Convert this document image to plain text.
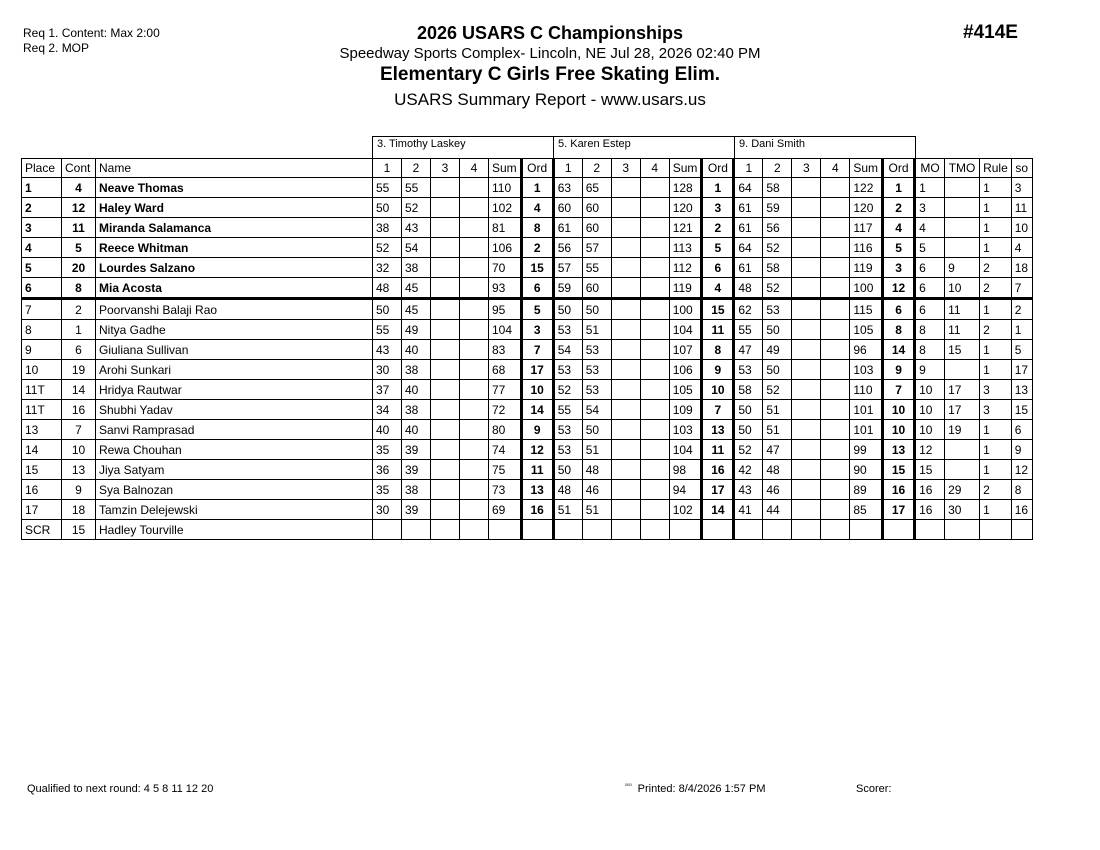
Req 1. Content: Max 2:00
Req 2. MOP
#414E
2026 USARS C Championships
Speedway Sports Complex- Lincoln, NE Jul 28, 2026 02:40 PM
Elementary C Girls Free Skating Elim.
USARS Summary Report - www.usars.us
3. Timothy Laskey	5. Karen Estep	9. Dani Smith
Place	Cont	Name	1	2	3	4	Sum	Ord	1	2	3	4	Sum	Ord	1	2	3	4	Sum	Ord	MO	TMO	Rule	so
1	4	Neave Thomas	55	55			110	1	63	65			128	1	64	58			122	1	1		1	3
2	12	Haley Ward	50	52			102	4	60	60			120	3	61	59			120	2	3		1	11
3	11	Miranda Salamanca	38	43			81	8	61	60			121	2	61	56			117	4	4		1	10
4	5	Reece Whitman	52	54			106	2	56	57			113	5	64	52			116	5	5		1	4
5	20	Lourdes Salzano	32	38			70	15	57	55			112	6	61	58			119	3	6	9	2	18
6	8	Mia Acosta	48	45			93	6	59	60			119	4	48	52			100	12	6	10	2	7
7	2	Poorvanshi Balaji Rao	50	45			95	5	50	50			100	15	62	53			115	6	6	11	1	2
8	1	Nitya Gadhe	55	49			104	3	53	51			104	11	55	50			105	8	8	11	2	1
9	6	Giuliana Sullivan	43	40			83	7	54	53			107	8	47	49			96	14	8	15	1	5
10	19	Arohi Sunkari	30	38			68	17	53	53			106	9	53	50			103	9	9		1	17
11T	14	Hridya Rautwar	37	40			77	10	52	53			105	10	58	52			110	7	10	17	3	13
11T	16	Shubhi Yadav	34	38			72	14	55	54			109	7	50	51			101	10	10	17	3	15
13	7	Sanvi Ramprasad	40	40			80	9	53	50			103	13	50	51			101	10	10	19	1	6
14	10	Rewa Chouhan	35	39			74	12	53	51			104	11	52	47			99	13	12		1	9
15	13	Jiya Satyam	36	39			75	11	50	48			98	16	42	48			90	15	15		1	12
16	9	Sya Balnozan	35	38			73	13	48	46			94	17	43	46			89	16	16	29	2	8
17	18	Tamzin Delejewski	30	39			69	16	51	51			102	14	41	44			85	17	16	30	1	16
SCR	15	Hadley Tourville																						
Qualified to next round: 4 5 8 11 12 20	$^{^{2323}}$ Printed: 8/4/2026 1:57 PM	Scorer:
